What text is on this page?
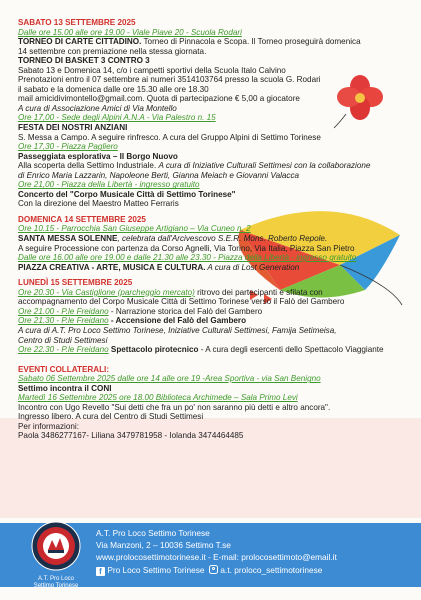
SABATO 13 SETTEMBRE 2025

Dalle ore 15.00 alle ore 19.00 - Viale Piave 20 - Scuola Rodari

TORNEO DI CARTE CITTADINO. Torneo di Pinnacola e Scopa. Il Torneo proseguirà domenica

14 settembre con premiazione nella stessa giornata.

TORNEO DI BASKET 3 CONTRO 3

Sabato 13 e Domenica 14, c/o i campetti sportivi della Scuola Italo Calvino

Prenotazioni entro il 07 settembre ai numeri 3514103764 presso la scuola G. Rodari

il sabato e la domenica dalle ore 15.30 alle ore 18.30

mail amicidivimontello@gmail.com. Quota di partecipazione € 5,00 a giocatore

A cura di Associazione Amici di Via Montello

Ore 17,00 - Sede degli Alpini A.N.A - Via Palestro n. 15

FESTA DEI NOSTRI ANZIANI

S. Messa a Campo. A seguire rinfresco. A cura del Gruppo Alpini di Settimo Torinese

Ore 17,30 - Piazza Pagliero

Passeggiata esplorativa – Il Borgo Nuovo

Alla scoperta della Settimo Industriale. A cura di Iniziative Culturali Settimesi con la collaborazione

di Enrico Maria Lazzarin, Napoleone Berti, Gianna Meiach e Giovanni Valacca

Ore 21,00 - Piazza della Libertà - ingresso gratuito

Concerto del "Corpo Musicale Città di Settimo Torinese"

Con la direzione del Maestro Matteo Ferraris

DOMENICA 14 SETTEMBRE 2025

Ore 10.15 - Parrocchia San Giuseppe Artigiano – Via Cuneo n. 2

SANTA MESSA SOLENNE, celebrata dall'Arcivescovo S.E.R. Mons. Roberto Repole.

A seguire Processione con partenza da Corso Agnelli, Via Torino, Via Italia, Piazza San Pietro

Dalle ore 16.00 alle ore 19.00 e dalle 21.30 alle 23.30 - Piazza della Libertà - ingresso gratuito

PIAZZA CREATIVA - ARTE, MUSICA E CULTURA. A cura di Lost Generation

LUNEDÌ 15 SETTEMBRE 2025

Ore 20.30 - Via Castiglione (parcheggio mercato) ritrovo dei partecipanti e sfilata con

accompagnamento del Corpo Musicale Città di Settimo Torinese verso il Falò del Gambero

Ore 21.00 - P.le Freidano - Narrazione storica del Falò del Gambero

Ore 21.30 - P.le Freidano - Accensione del Falò del Gambero

A cura di A.T. Pro Loco Settimo Torinese, Iniziative Culturali Settimesi, Famija Setimeisa,

Centro di Studi Settimesi

Ore 22.30 - P.le Freidano Spettacolo pirotecnico - A cura degli esercenti dello Spettacolo Viaggiante

EVENTI COLLATERALI:

Sabato 06 Settembre 2025 dalle ore 14 alle ore 19 -Area Sportiva - via San Benigno

Settimo incontra il CONI

Martedì 16 Settembre 2025 ore 18.00 Biblioteca Archimede – Sala Primo Levi

Incontro con Ugo Revello "Sui detti che fra un po' non saranno più detti e altro ancora".

Ingresso libero. A cura del Centro di Studi Settimesi

Per informazioni:

Paola 3486277167- Liliana 3479781958 - Iolanda 3474464485

A.T. Pro Loco
Settimo Torinese

A.T. Pro Loco Settimo Torinese

Via Manzoni, 2 – 10036 Settimo T.se

www.prolocosettimotorinese.it - E-mail: prolocosettimoto@email.it

f Pro Loco Settimo Torinese a.t. proloco_settimotorinese
